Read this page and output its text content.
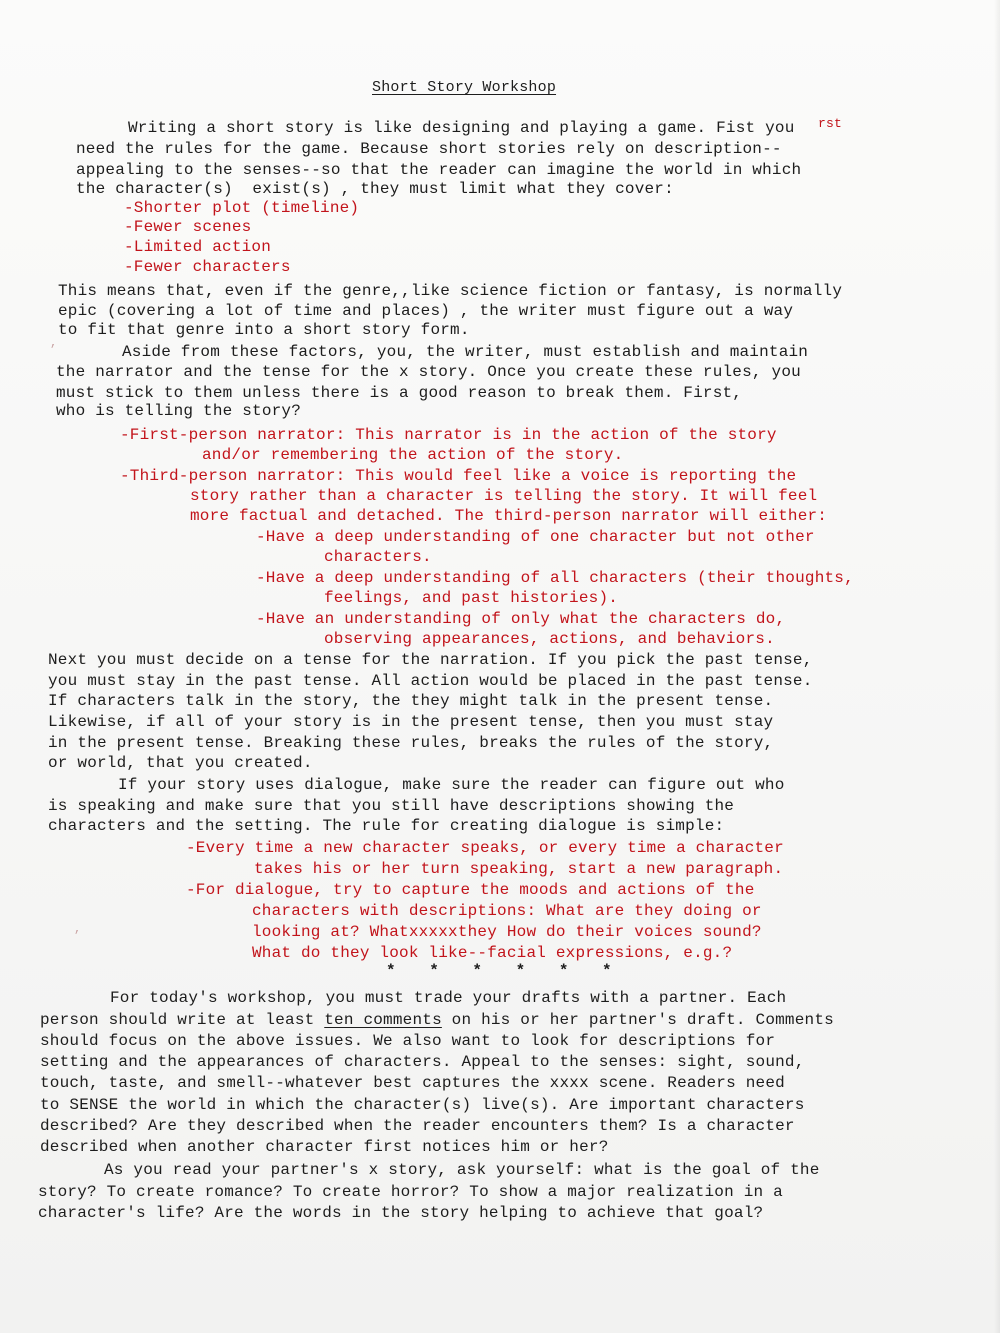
Short Story Workshop
rst
Writing a short story is like designing and playing a game. Fist you
need the rules for the game. Because short stories rely on description--
appealing to the senses--so that the reader can imagine the world in which
the character(s)  exist(s) , they must limit what they cover:
-Shorter plot (timeline)
-Fewer scenes
-Limited action
-Fewer characters
This means that, even if the genre,,like science fiction or fantasy, is normally
epic (covering a lot of time and places) , the writer must figure out a way
to fit that genre into a short story form.
Aside from these factors, you, the writer, must establish and maintain
the narrator and the tense for the x story. Once you create these rules, you
must stick to them unless there is a good reason to break them. First,
who is telling the story?
-First-person narrator: This narrator is in the action of the story
and/or remembering the action of the story.
-Third-person narrator: This would feel like a voice is reporting the
story rather than a character is telling the story. It will feel
more factual and detached. The third-person narrator will either:
-Have a deep understanding of one character but not other
characters.
-Have a deep understanding of all characters (their thoughts,
feelings, and past histories).
-Have an understanding of only what the characters do,
observing appearances, actions, and behaviors.
Next you must decide on a tense for the narration. If you pick the past tense,
you must stay in the past tense. All action would be placed in the past tense.
If characters talk in the story, the they might talk in the present tense.
Likewise, if all of your story is in the present tense, then you must stay
in the present tense. Breaking these rules, breaks the rules of the story,
or world, that you created.
If your story uses dialogue, make sure the reader can figure out who
is speaking and make sure that you still have descriptions showing the
characters and the setting. The rule for creating dialogue is simple:
-Every time a new character speaks, or every time a character
takes his or her turn speaking, start a new paragraph.
-For dialogue, try to capture the moods and actions of the
characters with descriptions: What are they doing or
looking at? Whatxxxxxthey How do their voices sound?
What do they look like--facial expressions, e.g.?
* * * * * *
For today's workshop, you must trade your drafts with a partner. Each
person should write at least ten comments on his or her partner's draft. Comments
should focus on the above issues. We also want to look for descriptions for
setting and the appearances of characters. Appeal to the senses: sight, sound,
touch, taste, and smell--whatever best captures the xxxx scene. Readers need
to SENSE the world in which the character(s) live(s). Are important characters
described? Are they described when the reader encounters them? Is a character
described when another character first notices him or her?
As you read your partner's x story, ask yourself: what is the goal of the
story? To create romance? To create horror? To show a major realization in a
character's life? Are the words in the story helping to achieve that goal?
,
,
